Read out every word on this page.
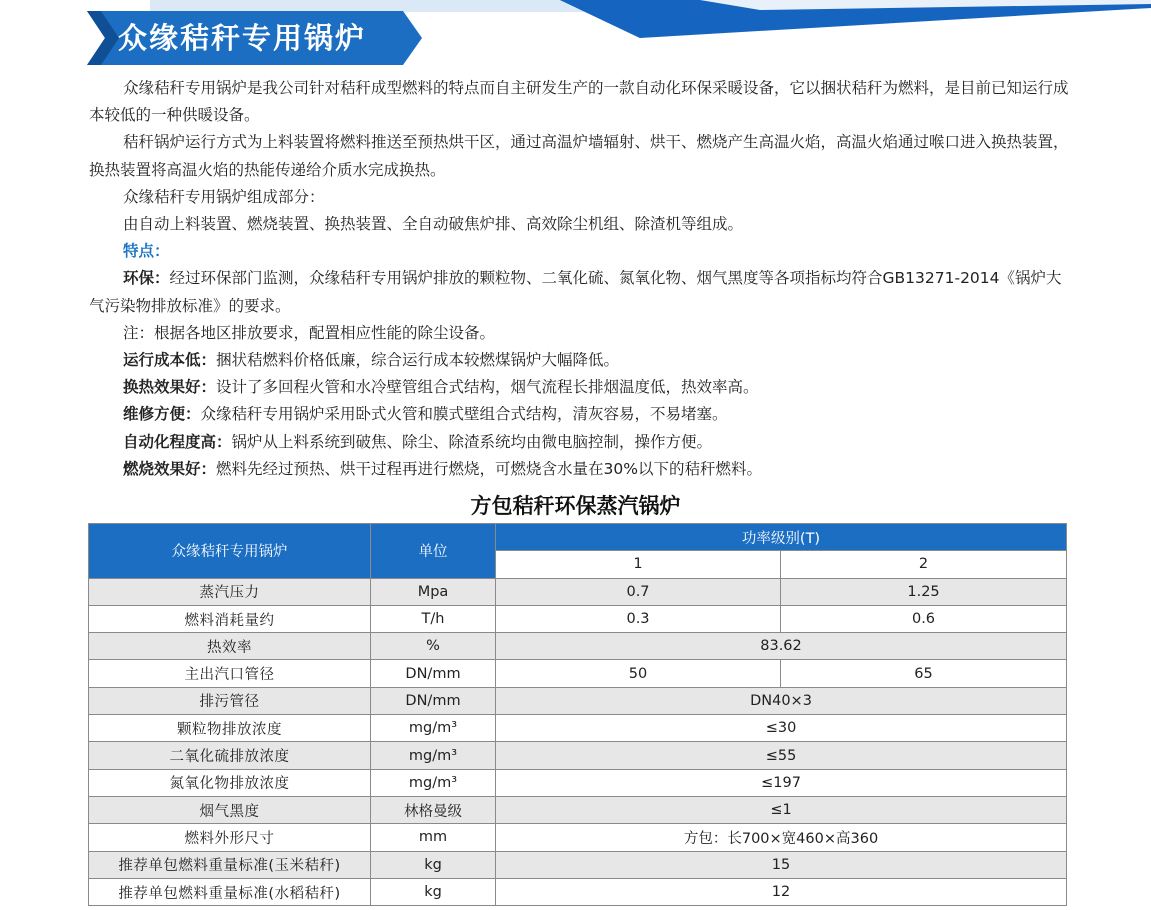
众缘秸秆专用锅炉

众缘秸秆专用锅炉是我公司针对秸秆成型燃料的特点而自主研发生产的一款自动化环保采暖设备，它以捆状秸秆为燃料，是目前已知运行成本较低的一种供暖设备。

秸秆锅炉运行方式为上料装置将燃料推送至预热烘干区，通过高温炉墙辐射、烘干、燃烧产生高温火焰，高温火焰通过喉口进入换热装置，换热装置将高温火焰的热能传递给介质水完成换热。

众缘秸秆专用锅炉组成部分：

由自动上料装置、燃烧装置、换热装置、全自动破焦炉排、高效除尘机组、除渣机等组成。

特点：

环保：经过环保部门监测，众缘秸秆专用锅炉排放的颗粒物、二氧化硫、氮氧化物、烟气黑度等各项指标均符合GB13271-2014《锅炉大气污染物排放标准》的要求。

注：根据各地区排放要求，配置相应性能的除尘设备。

运行成本低：捆状秸燃料价格低廉，综合运行成本较燃煤锅炉大幅降低。

换热效果好：设计了多回程火管和水冷壁管组合式结构，烟气流程长排烟温度低，热效率高。

维修方便：众缘秸秆专用锅炉采用卧式火管和膜式壁组合式结构，清灰容易，不易堵塞。

自动化程度高：锅炉从上料系统到破焦、除尘、除渣系统均由微电脑控制，操作方便。

燃烧效果好：燃料先经过预热、烘干过程再进行燃烧，可燃烧含水量在30%以下的秸秆燃料。

方包秸秆环保蒸汽锅炉
众缘秸秆专用锅炉	单位	功率级别(T)	
		1	2
蒸汽压力	Mpa	0.7	1.25
燃料消耗量约	T/h	0.3	0.6
热效率	%	83.62	
主出汽口管径	DN/mm	50	65
排污管径	DN/mm	DN40×3	
颗粒物排放浓度	mg/m³	≤30	
二氧化硫排放浓度	mg/m³	≤55	
氮氧化物排放浓度	mg/m³	≤197	
烟气黑度	林格曼级	≤1	
燃料外形尺寸	mm	方包：长700×宽460×高360	
推荐单包燃料重量标准(玉米秸秆)	kg	15	
推荐单包燃料重量标准(水稻秸秆)	kg	12	
